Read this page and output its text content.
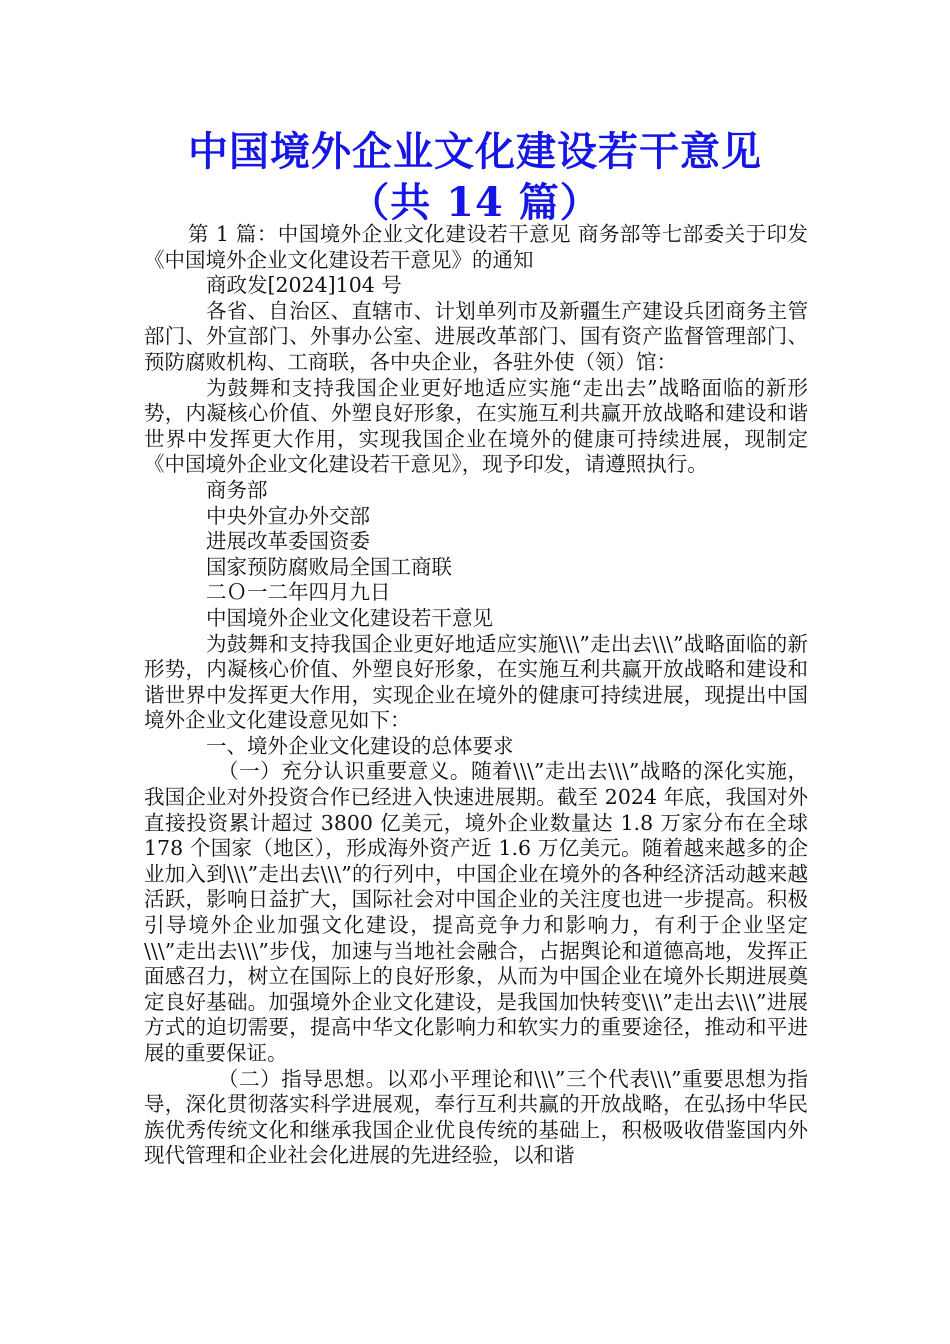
中国境外企业文化建设若干意见
（共 14 篇）

第 1 篇：中国境外企业文化建设若干意见 商务部等七部委关于印发《中国境外企业文化建设若干意见》的通知

商政发[2024]104 号

各省、自治区、直辖市、计划单列市及新疆生产建设兵团商务主管部门、外宣部门、外事办公室、进展改革部门、国有资产监督管理部门、预防腐败机构、工商联，各中央企业，各驻外使（领）馆：

为鼓舞和支持我国企业更好地适应实施“走出去”战略面临的新形势，内凝核心价值、外塑良好形象，在实施互利共赢开放战略和建设和谐世界中发挥更大作用，实现我国企业在境外的健康可持续进展，现制定《中国境外企业文化建设若干意见》，现予印发，请遵照执行。

商务部

中央外宣办外交部

进展改革委国资委

国家预防腐败局全国工商联

二Ｏ一二年四月九日

中国境外企业文化建设若干意见

为鼓舞和支持我国企业更好地适应实施\\\”走出去\\\”战略面临的新形势，内凝核心价值、外塑良好形象，在实施互利共赢开放战略和建设和谐世界中发挥更大作用，实现企业在境外的健康可持续进展，现提出中国境外企业文化建设意见如下：

一、境外企业文化建设的总体要求

（一）充分认识重要意义。随着\\\”走出去\\\”战略的深化实施，我国企业对外投资合作已经进入快速进展期。截至 2024 年底，我国对外直接投资累计超过 3800 亿美元，境外企业数量达 1.8 万家分布在全球 178 个国家（地区），形成海外资产近 1.6 万亿美元。随着越来越多的企业加入到\\\”走出去\\\”的行列中，中国企业在境外的各种经济活动越来越活跃，影响日益扩大，国际社会对中国企业的关注度也进一步提高。积极引导境外企业加强文化建设，提高竞争力和影响力，有利于企业坚定\\\”走出去\\\”步伐，加速与当地社会融合，占据舆论和道德高地，发挥正面感召力，树立在国际上的良好形象，从而为中国企业在境外长期进展奠定良好基础。加强境外企业文化建设，是我国加快转变\\\”走出去\\\”进展方式的迫切需要，提高中华文化影响力和软实力的重要途径，推动和平进展的重要保证。

（二）指导思想。以邓小平理论和\\\”三个代表\\\”重要思想为指导，深化贯彻落实科学进展观，奉行互利共赢的开放战略，在弘扬中华民族优秀传统文化和继承我国企业优良传统的基础上，积极吸收借鉴国内外现代管理和企业社会化进展的先进经验，以和谐
